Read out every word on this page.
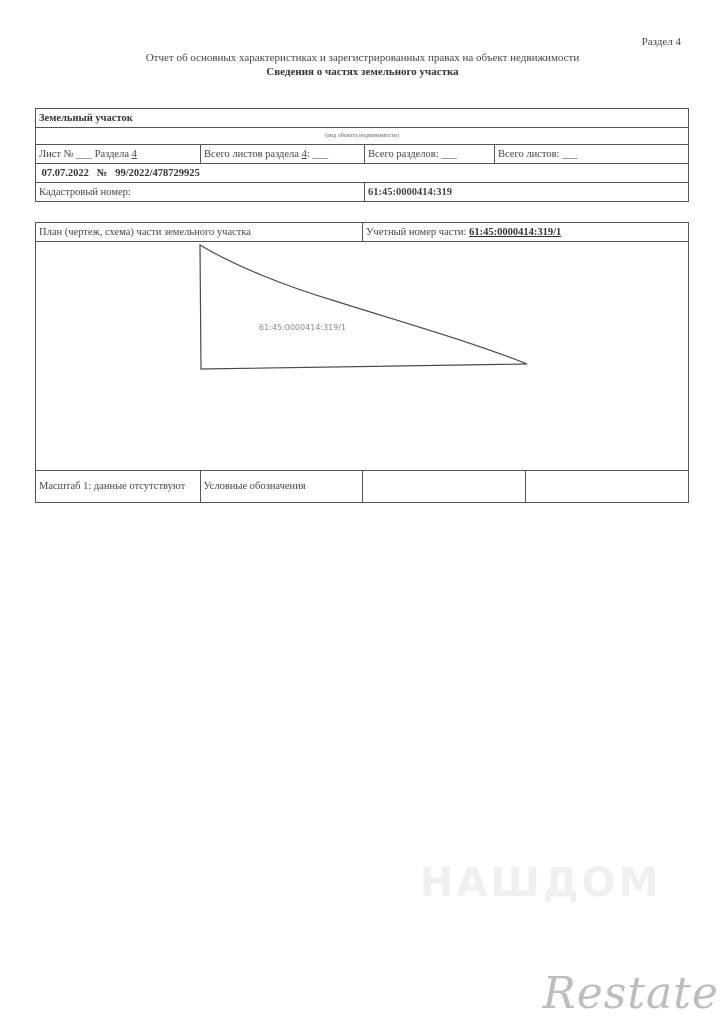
Раздел 4
Отчет об основных характеристиках и зарегистрированных правах на объект недвижимости
Сведения о частях земельного участка
Земельный участок			
(вид объекта недвижимости)			
Лист № ___ Раздела 4	Всего листов раздела 4: ___	Всего разделов: ___	Всего листов: ___
07.07.2022 № 99/2022/478729925			
Кадастровый номер:		61:45:0000414:319	
План (чертеж, схема) части земельного участка		Учетный номер части: 61:45:0000414:319/1	

Масштаб 1: данные отсутствуют	Условные обозначения		
61:45:0000414:319/1
НАШДОМ
Restate
